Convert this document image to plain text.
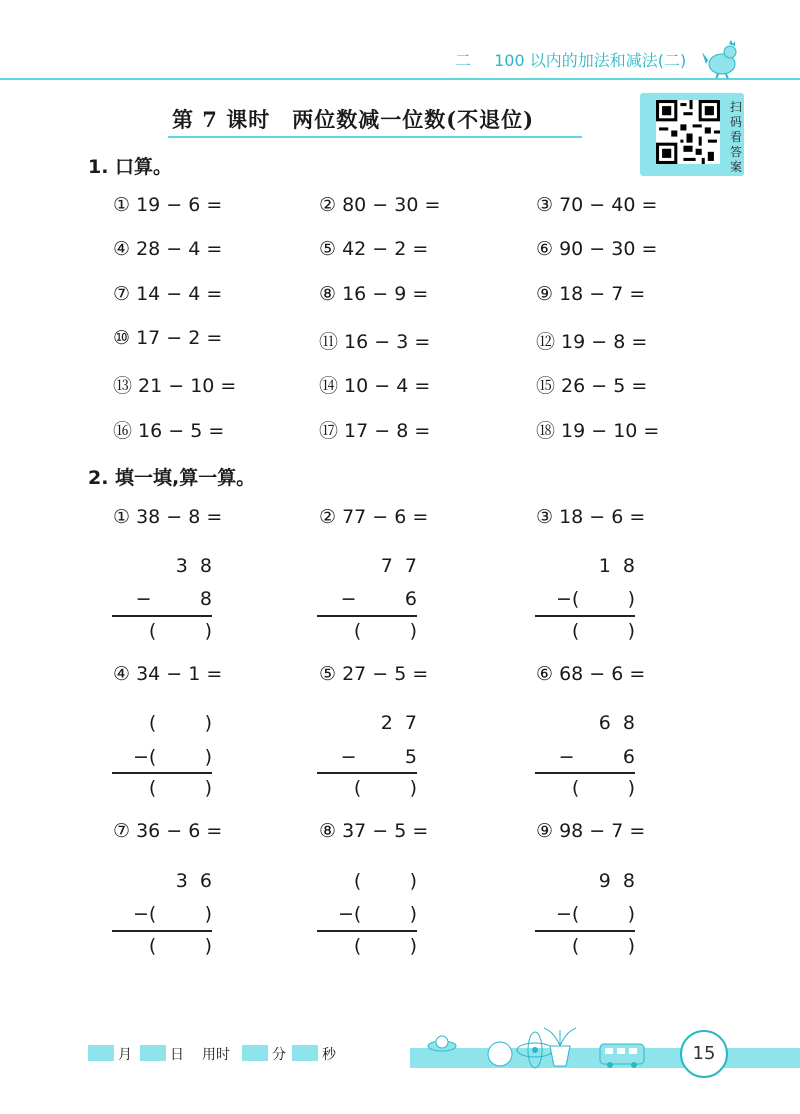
二 100 以内的加法和减法(二)
第 7 课时　两位数减一位数(不退位)	扫
码
看
答
案
1. 口算。
① 19 − 6 =	② 80 − 30 =	③ 70 − 40 =
④ 28 − 4 =	⑤ 42 − 2 =	⑥ 90 − 30 =
⑦ 14 − 4 =	⑧ 16 − 9 =	⑨ 18 − 7 =
⑩ 17 − 2 =	⑪ 16 − 3 =	⑫ 19 − 8 =
⑬ 21 − 10 =	⑭ 10 − 4 =	⑮ 26 − 5 =
⑯ 16 − 5 =	⑰ 17 − 8 =	⑱ 19 − 10 =
2. 填一填,算一算。
① 38 − 8 =	② 77 − 6 =	③ 18 − 6 =
3  8
−        8
(        )
7  7
−        6
(        )
1  8
−(        )
(        )
④ 34 − 1 =	⑤ 27 − 5 =	⑥ 68 − 6 =
(        )
−(        )
(        )
2  7
−        5
(        )
6  8
−        6
(        )
⑦ 36 − 6 =	⑧ 37 − 5 =	⑨ 98 − 7 =
3  6
−(        )
(        )
(        )
−(        )
(        )
9  8
−(        )
(        )
月	日 用时	分	秒	15
